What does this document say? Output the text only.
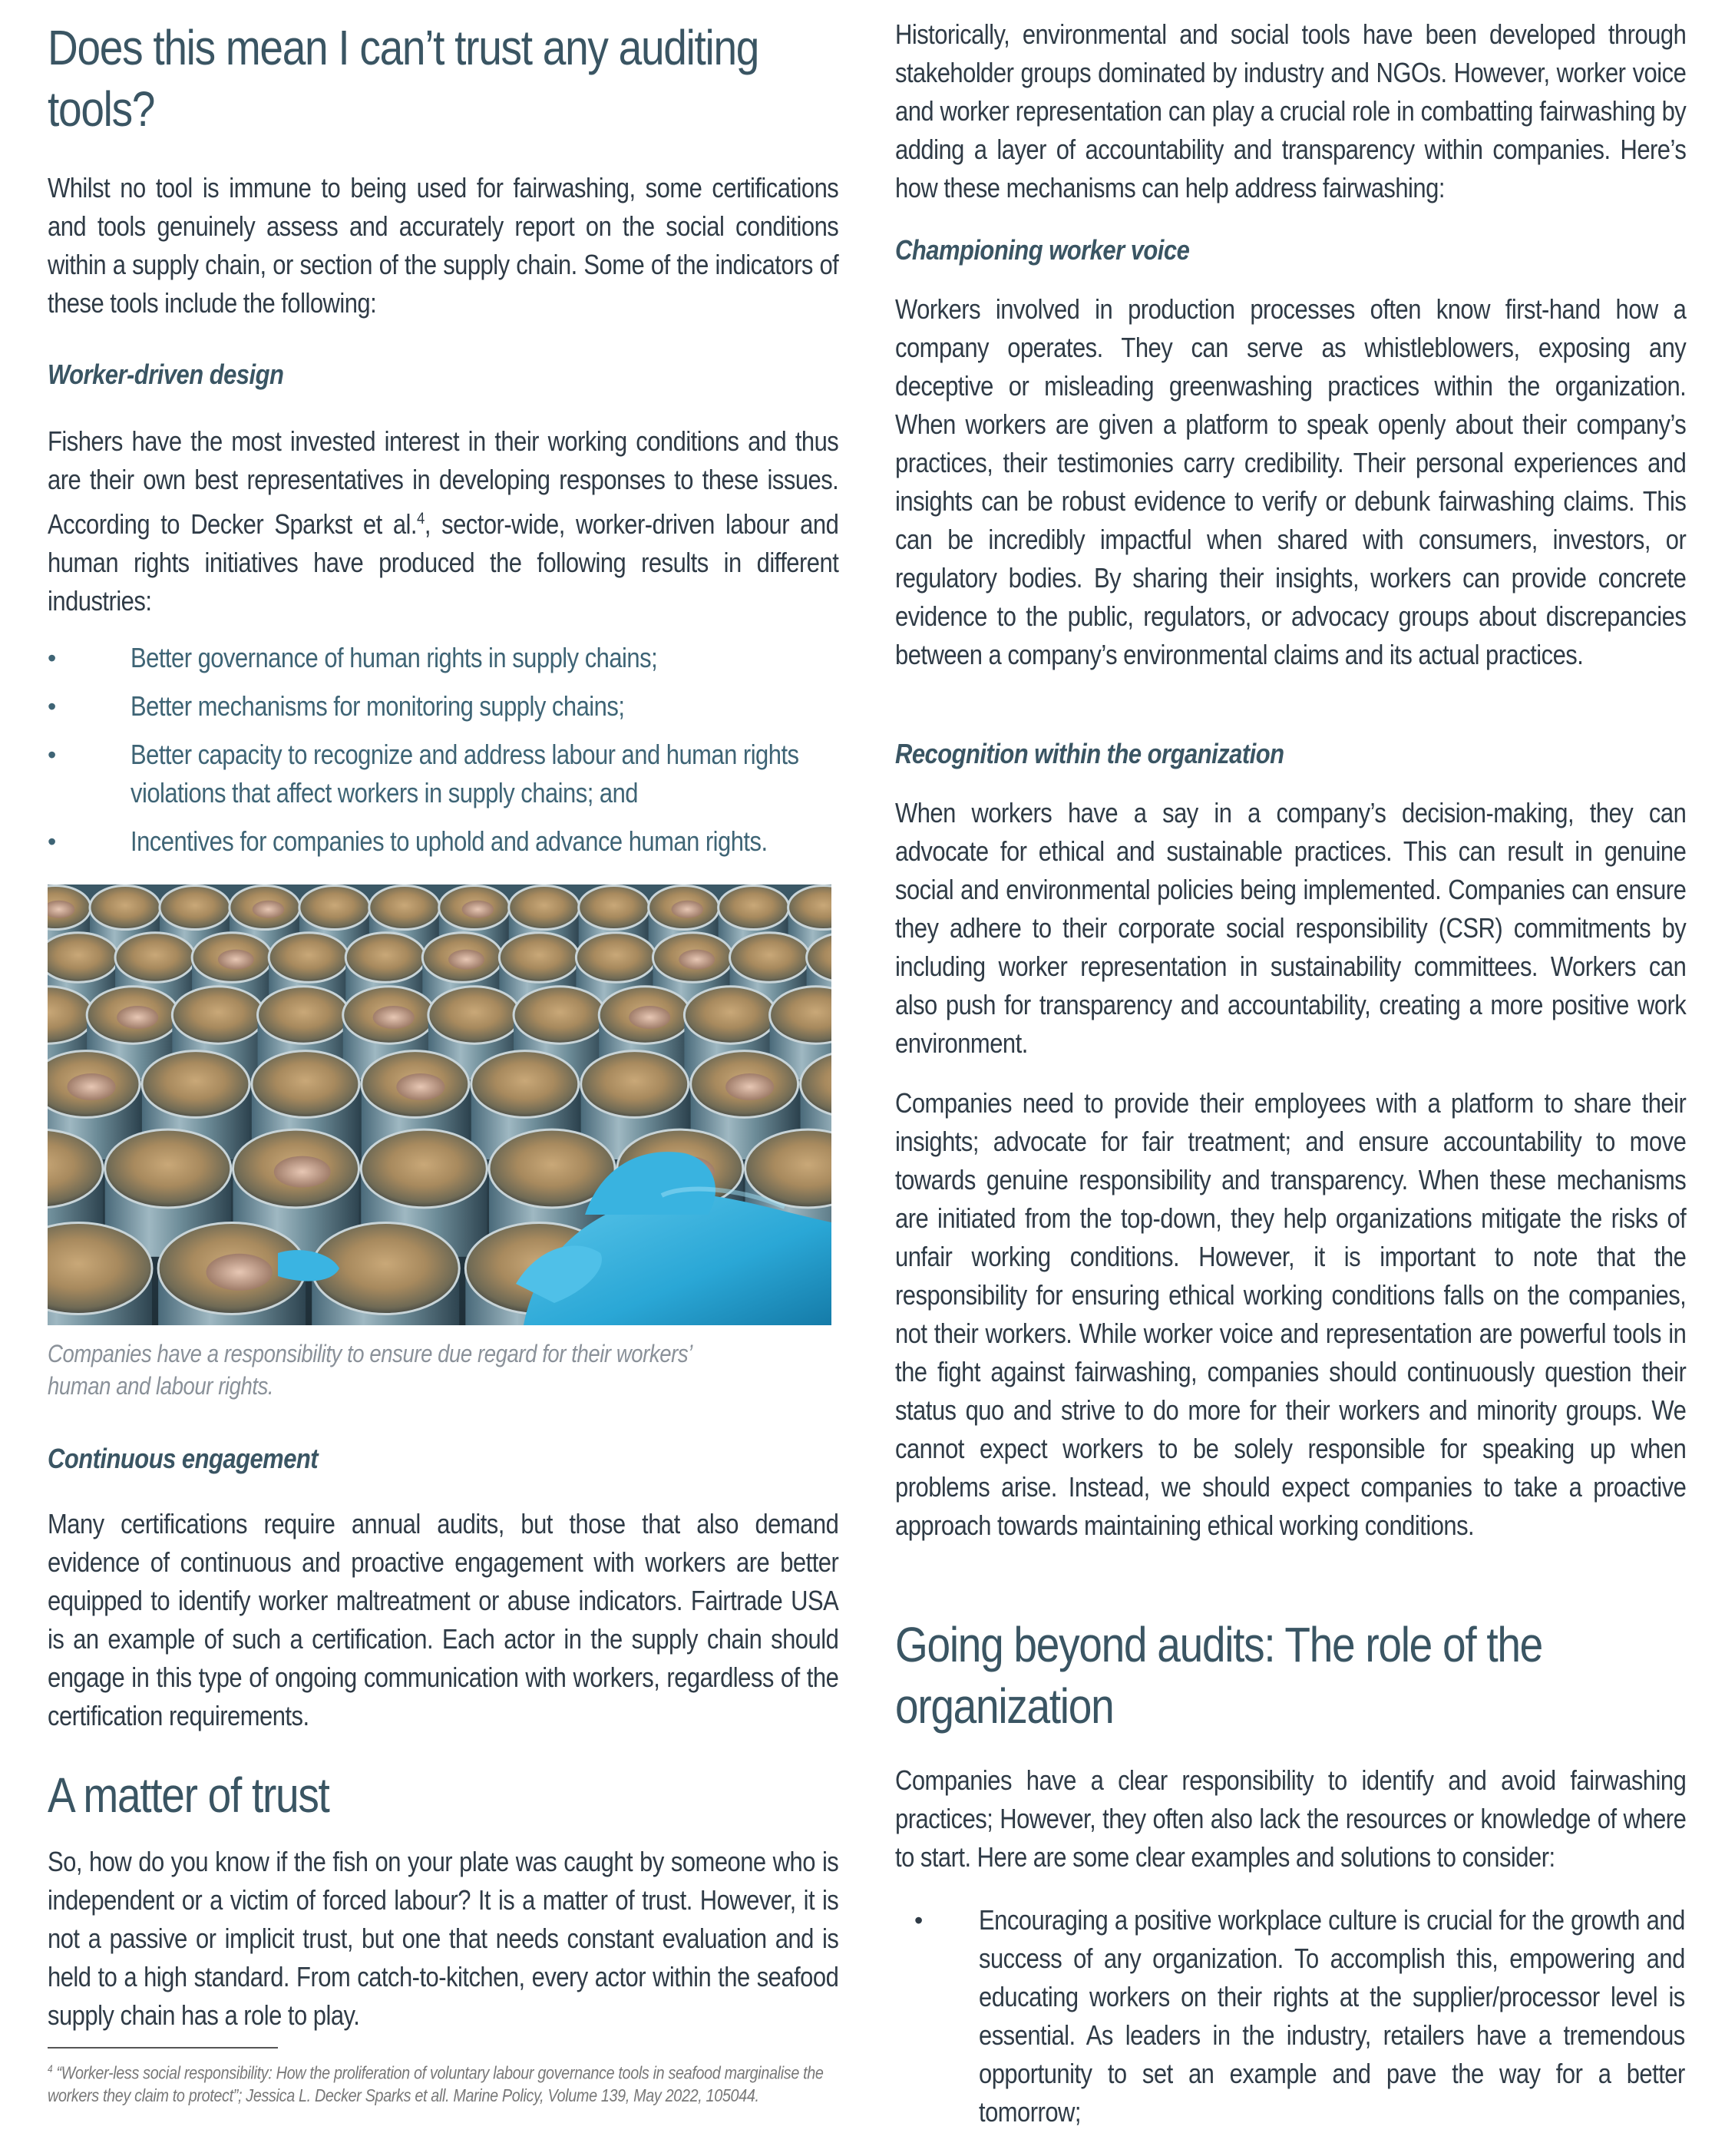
Does this mean I can’t trust any auditing tools?

Whilst no tool is immune to being used for fairwashing, some certifications and tools genuinely assess and accurately report on the social conditions within a supply chain, or section of the supply chain. Some of the indicators of these tools include the following:

Worker-driven design

Fishers have the most invested interest in their working conditions and thus are their own best representatives in developing responses to these issues. According to Decker Sparkst et al.$^4$, sector-wide, worker-driven labour and human rights initiatives have produced the following results in different industries:

•	Better governance of human rights in supply chains;
•	Better mechanisms for monitoring supply chains;
•	Better capacity to recognize and address labour and human rights violations that affect workers in supply chains; and
•	Incentives for companies to uphold and advance human rights.

Companies have a responsibility to ensure due regard for their workers’ human and labour rights.

Continuous engagement

Many certifications require annual audits, but those that also demand evidence of continuous and proactive engagement with workers are better equipped to identify worker maltreatment or abuse indicators. Fairtrade USA is an example of such a certification. Each actor in the supply chain should engage in this type of ongoing communication with workers, regardless of the certification requirements.

A matter of trust

So, how do you know if the fish on your plate was caught by someone who is independent or a victim of forced labour? It is a matter of trust. However, it is not a passive or implicit trust, but one that needs constant evaluation and is held to a high standard. From catch-to-kitchen, every actor within the seafood supply chain has a role to play.

$^4$ “Worker-less social responsibility: How the proliferation of voluntary labour governance tools in seafood marginalise the workers they claim to protect”; Jessica L. Decker Sparks et all. Marine Policy, Volume 139, May 2022, 105044.

Historically, environmental and social tools have been developed through stakeholder groups dominated by industry and NGOs. However, worker voice and worker representation can play a crucial role in combatting fairwashing by adding a layer of accountability and transparency within companies. Here’s how these mechanisms can help address fairwashing:

Championing worker voice

Workers involved in production processes often know first-hand how a company operates. They can serve as whistleblowers, exposing any deceptive or misleading greenwashing practices within the organization. When workers are given a platform to speak openly about their company’s practices, their testimonies carry credibility. Their personal experiences and insights can be robust evidence to verify or debunk fairwashing claims. This can be incredibly impactful when shared with consumers, investors, or regulatory bodies. By sharing their insights, workers can provide concrete evidence to the public, regulators, or advocacy groups about discrepancies between a company’s environmental claims and its actual practices.

Recognition within the organization

When workers have a say in a company’s decision-making, they can advocate for ethical and sustainable practices. This can result in genuine social and environmental policies being implemented. Companies can ensure they adhere to their corporate social responsibility (CSR) commitments by including worker representation in sustainability committees. Workers can also push for transparency and accountability, creating a more positive work environment.

Companies need to provide their employees with a platform to share their insights; advocate for fair treatment; and ensure accountability to move towards genuine responsibility and transparency. When these mechanisms are initiated from the top-down, they help organizations mitigate the risks of unfair working conditions. However, it is important to note that the responsibility for ensuring ethical working conditions falls on the companies, not their workers. While worker voice and representation are powerful tools in the fight against fairwashing, companies should continuously question their status quo and strive to do more for their workers and minority groups. We cannot expect workers to be solely responsible for speaking up when problems arise. Instead, we should expect companies to take a proactive approach towards maintaining ethical working conditions.

Going beyond audits: The role of the organization

Companies have a clear responsibility to identify and avoid fairwashing practices; However, they often also lack the resources or knowledge of where to start. Here are some clear examples and solutions to consider:

• Encouraging a positive workplace culture is crucial for the growth and success of any organization. To accomplish this, empowering and educating workers on their rights at the supplier/processor level is essential. As leaders in the industry, retailers have a tremendous opportunity to set an example and pave the way for a better tomorrow;
